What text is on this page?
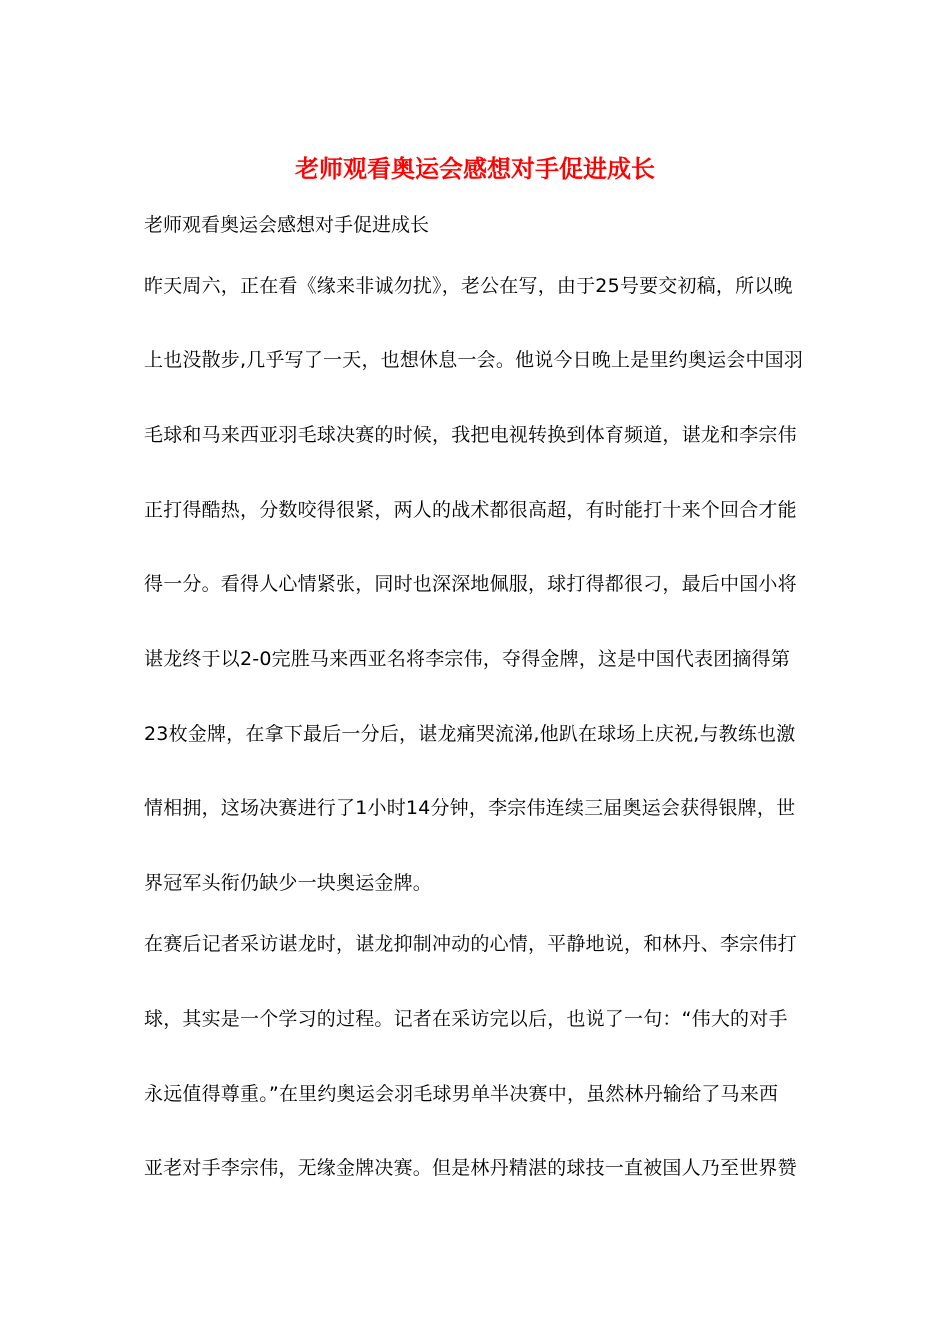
老师观看奥运会感想对手促进成长

老师观看奥运会感想对手促进成长

昨天周六，正在看《缘来非诚勿扰》，老公在写，由于25号要交初稿，所以晚

上也没散步,几乎写了一天，也想休息一会。他说今日晚上是里约奥运会中国羽

毛球和马来西亚羽毛球决赛的时候，我把电视转换到体育频道，谌龙和李宗伟

正打得酷热，分数咬得很紧，两人的战术都很高超，有时能打十来个回合才能

得一分。看得人心情紧张，同时也深深地佩服，球打得都很刁，最后中国小将

谌龙终于以2-0完胜马来西亚名将李宗伟，夺得金牌，这是中国代表团摘得第

23枚金牌，在拿下最后一分后，谌龙痛哭流涕,他趴在球场上庆祝,与教练也激

情相拥，这场决赛进行了1小时14分钟，李宗伟连续三届奥运会获得银牌，世

界冠军头衔仍缺少一块奥运金牌。

在赛后记者采访谌龙时，谌龙抑制冲动的心情，平静地说，和林丹、李宗伟打

球，其实是一个学习的过程。记者在采访完以后，也说了一句：“伟大的对手

永远值得尊重。”在里约奥运会羽毛球男单半决赛中，虽然林丹输给了马来西

亚老对手李宗伟，无缘金牌决赛。但是林丹精湛的球技一直被国人乃至世界赞
